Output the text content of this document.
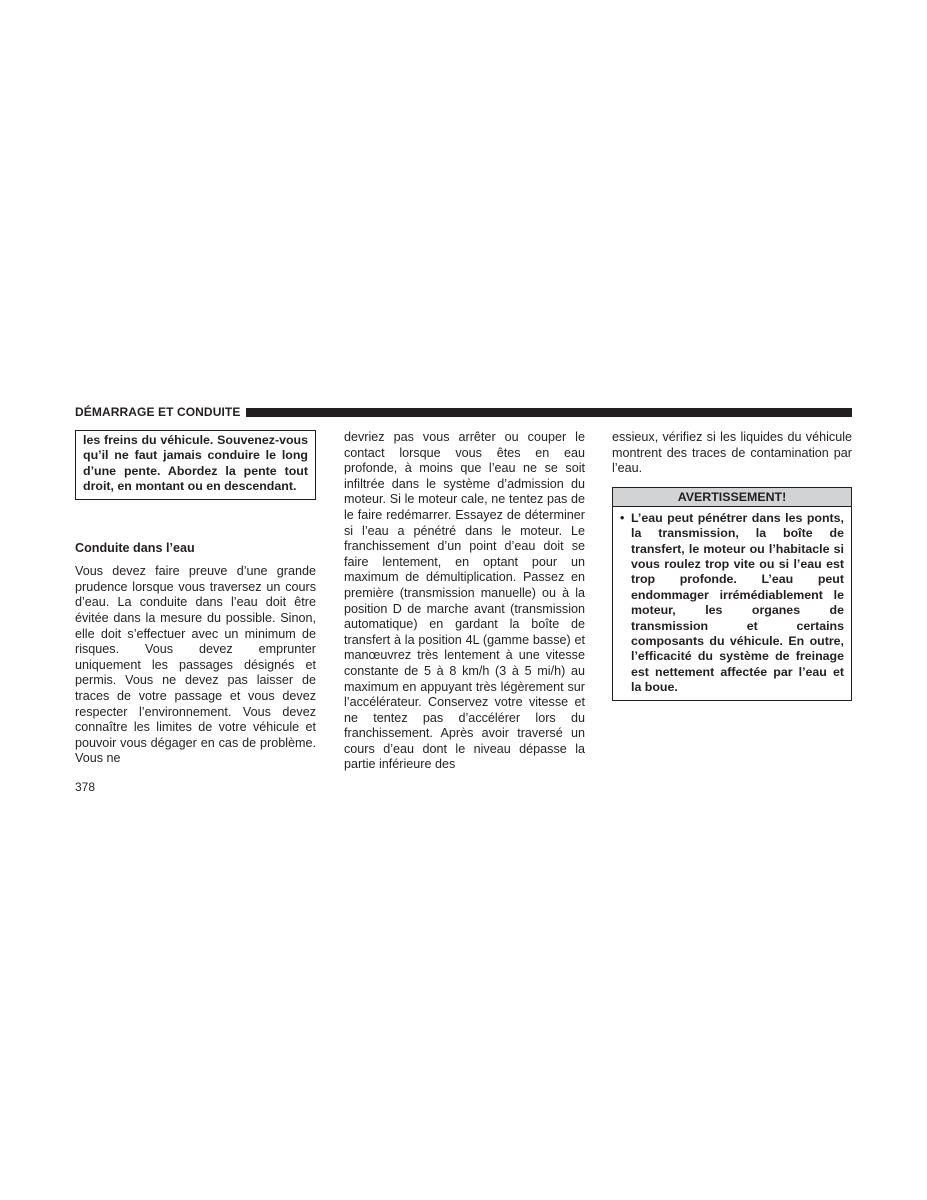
DÉMARRAGE ET CONDUITE
les freins du véhicule. Souvenez-vous qu’il ne faut jamais conduire le long d’une pente. Abordez la pente tout droit, en montant ou en descendant.
Conduite dans l’eau

Vous devez faire preuve d’une grande prudence lorsque vous traversez un cours d’eau. La conduite dans l’eau doit être évitée dans la mesure du possible. Sinon, elle doit s’effectuer avec un minimum de risques. Vous devez emprunter uniquement les passages désignés et permis. Vous ne devez pas laisser de traces de votre passage et vous devez respecter l’environnement. Vous devez connaître les limites de votre véhicule et pouvoir vous dégager en cas de problème. Vous ne

devriez pas vous arrêter ou couper le contact lorsque vous êtes en eau profonde, à moins que l’eau ne se soit infiltrée dans le système d’admission du moteur. Si le moteur cale, ne tentez pas de le faire redémarrer. Essayez de déterminer si l’eau a pénétré dans le moteur. Le franchissement d’un point d’eau doit se faire lentement, en optant pour un maximum de démultiplication. Passez en première (transmission manuelle) ou à la position D de marche avant (transmission automatique) en gardant la boîte de transfert à la position 4L (gamme basse) et manœuvrez très lentement à une vitesse constante de 5 à 8 km/h (3 à 5 mi/h) au maximum en appuyant très légèrement sur l’accélérateur. Conservez votre vitesse et ne tentez pas d’accélérer lors du franchissement. Après avoir traversé un cours d’eau dont le niveau dépasse la partie inférieure des

essieux, vérifiez si les liquides du véhicule montrent des traces de contamination par l’eau.

AVERTISSEMENT!
• L’eau peut pénétrer dans les ponts, la transmission, la boîte de transfert, le moteur ou l’habitacle si vous roulez trop vite ou si l’eau est trop profonde. L’eau peut endommager irrémédiablement le moteur, les organes de transmission et certains composants du véhicule. En outre, l’efficacité du système de freinage est nettement affectée par l’eau et la boue.
378
